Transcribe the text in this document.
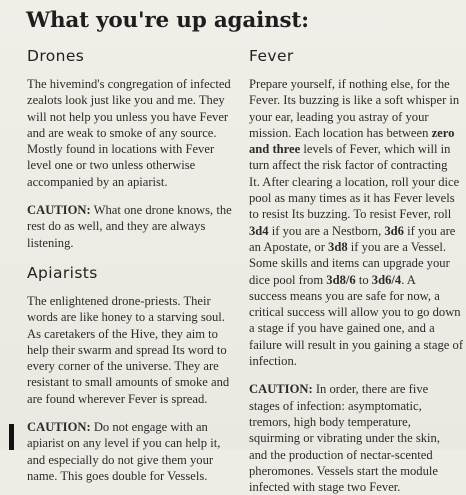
What you're up against:
Drones

The hivemind's congregation of infected
zealots look just like you and me. They
will not help you unless you have Fever
and are weak to smoke of any source.
Mostly found in locations with Fever
level one or two unless otherwise
accompanied by an apiarist.

CAUTION: What one drone knows, the
rest do as well, and they are always
listening.

Apiarists

The enlightened drone-priests. Their
words are like honey to a starving soul.
As caretakers of the Hive, they aim to
help their swarm and spread Its word to
every corner of the universe. They are
resistant to small amounts of smoke and
are found wherever Fever is spread.

CAUTION: Do not engage with an
apiarist on any level if you can help it,
and especially do not give them your
name. This goes double for Vessels.

Fever

Prepare yourself, if nothing else, for the
Fever. Its buzzing is like a soft whisper in
your ear, leading you astray of your
mission. Each location has between zero
and three levels of Fever, which will in
turn affect the risk factor of contracting
It. After clearing a location, roll your dice
pool as many times as it has Fever levels
to resist Its buzzing. To resist Fever, roll
3d4 if you are a Nestborn, 3d6 if you are
an Apostate, or 3d8 if you are a Vessel.
Some skills and items can upgrade your
dice pool from 3d8/6 to 3d6/4. A
success means you are safe for now, a
critical success will allow you to go down
a stage if you have gained one, and a
failure will result in you gaining a stage of
infection.

CAUTION: In order, there are five
stages of infection: asymptomatic,
tremors, high body temperature,
squirming or vibrating under the skin,
and the production of nectar-scented
pheromones. Vessels start the module
infected with stage two Fever.
